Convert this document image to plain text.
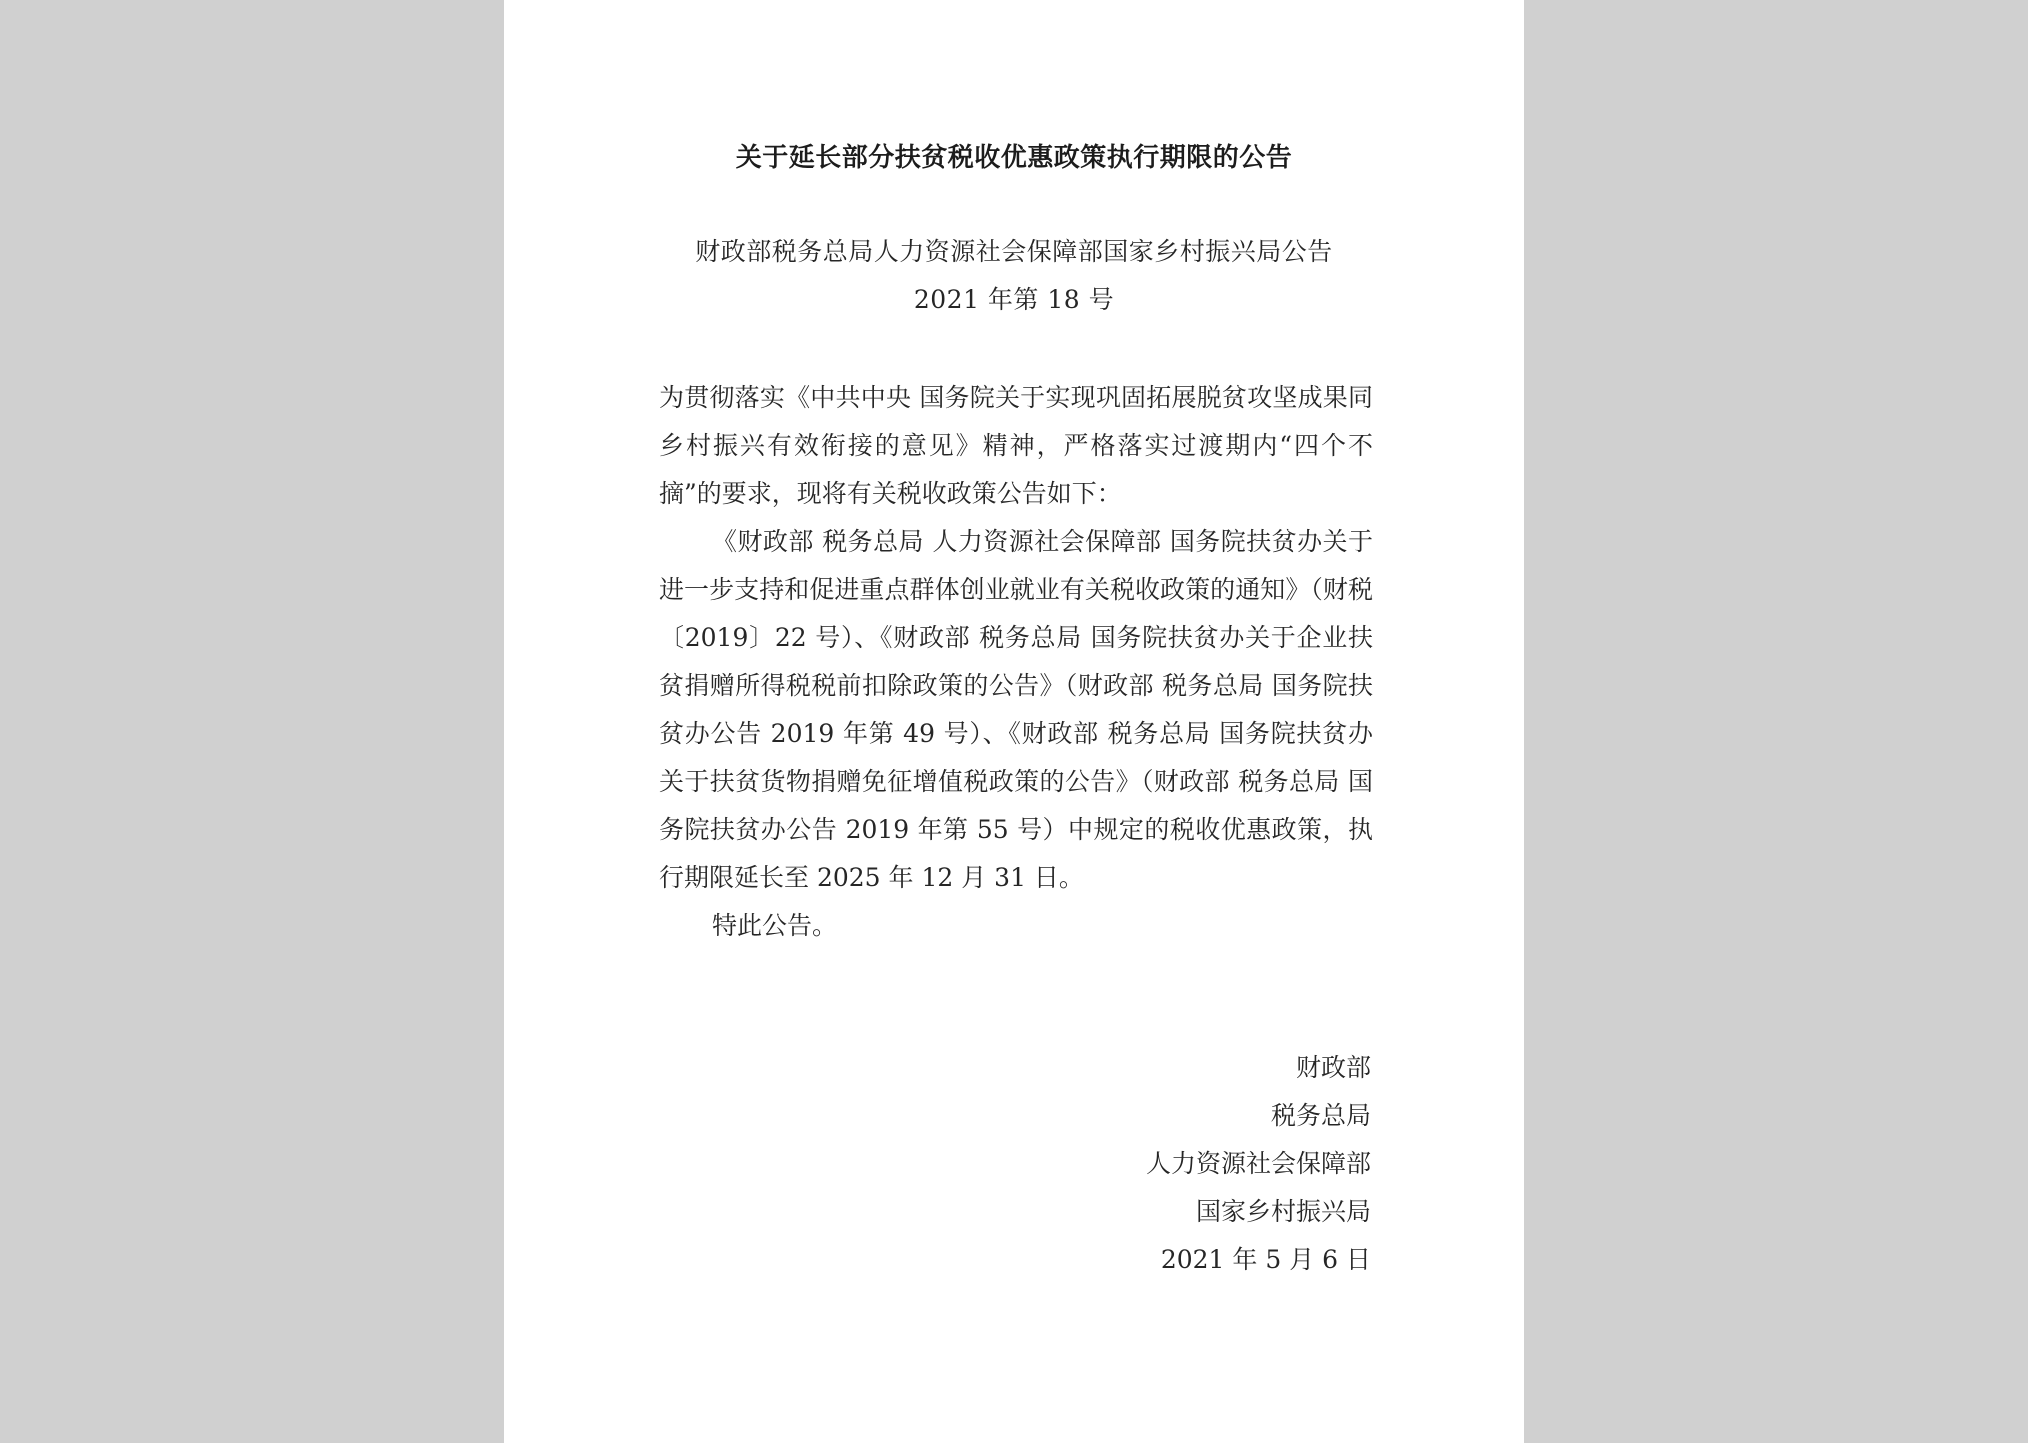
关于延长部分扶贫税收优惠政策执行期限的公告
财政部税务总局人力资源社会保障部国家乡村振兴局公告
2021 年第 18 号

为贯彻落实《中共中央 国务院关于实现巩固拓展脱贫攻坚成果同乡村振兴有效衔接的意见》精神，严格落实过渡期内“四个不摘”的要求，现将有关税收政策公告如下：

《财政部 税务总局 人力资源社会保障部 国务院扶贫办关于进一步支持和促进重点群体创业就业有关税收政策的通知》（财税〔2019〕22 号）、《财政部 税务总局 国务院扶贫办关于企业扶贫捐赠所得税税前扣除政策的公告》（财政部 税务总局 国务院扶贫办公告 2019 年第 49 号）、《财政部 税务总局 国务院扶贫办关于扶贫货物捐赠免征增值税政策的公告》（财政部 税务总局 国务院扶贫办公告 2019 年第 55 号）中规定的税收优惠政策，执行期限延长至 2025 年 12 月 31 日。

特此公告。

财政部
税务总局
人力资源社会保障部
国家乡村振兴局
2021 年 5 月 6 日
